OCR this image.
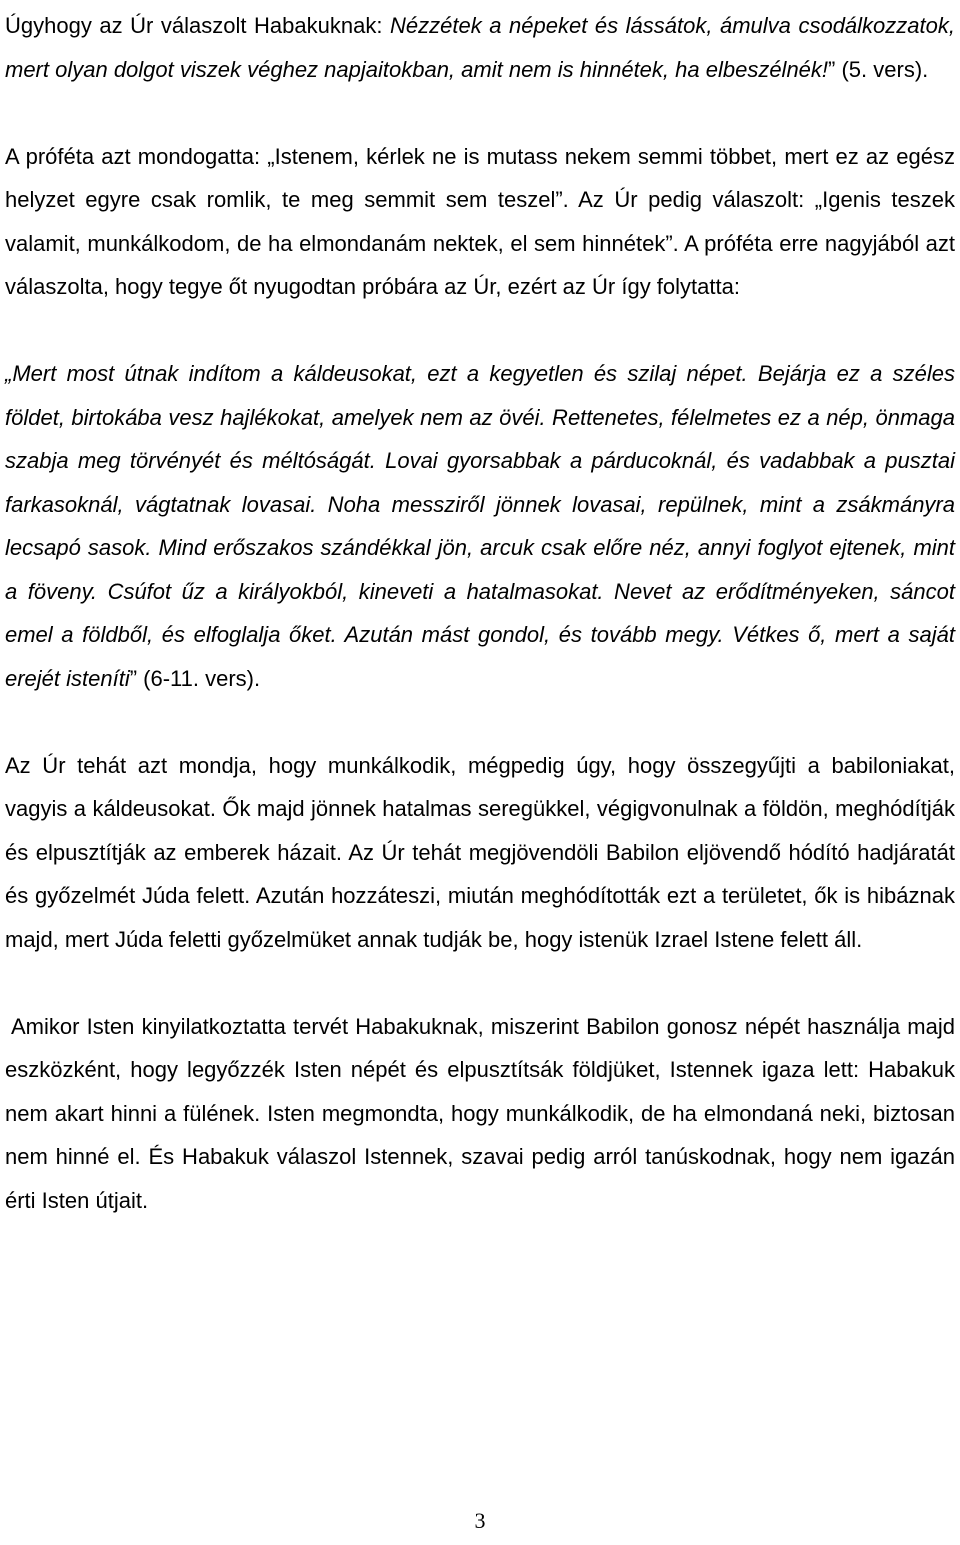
Úgyhogy az Úr válaszolt Habakuknak: Nézzétek a népeket és lássátok, ámulva csodálkozzatok, mert olyan dolgot viszek véghez napjaitokban, amit nem is hinnétek, ha elbeszélnék!” (5. vers).

A próféta azt mondogatta: „Istenem, kérlek ne is mutass nekem semmi többet, mert ez az egész helyzet egyre csak romlik, te meg semmit sem teszel”. Az Úr pedig válaszolt: „Igenis teszek valamit, munkálkodom, de ha elmondanám nektek, el sem hinnétek”. A próféta erre nagyjából azt válaszolta, hogy tegye őt nyugodtan próbára az Úr, ezért az Úr így folytatta:

„Mert most útnak indítom a káldeusokat, ezt a kegyetlen és szilaj népet. Bejárja ez a széles földet, birtokába vesz hajlékokat, amelyek nem az övéi. Rettenetes, félelmetes ez a nép, önmaga szabja meg törvényét és méltóságát. Lovai gyorsabbak a párducoknál, és vadabbak a pusztai farkasoknál, vágtatnak lovasai. Noha messziről jönnek lovasai, repülnek, mint a zsákmányra lecsapó sasok. Mind erőszakos szándékkal jön, arcuk csak előre néz, annyi foglyot ejtenek, mint a föveny. Csúfot űz a királyokból, kineveti a hatalmasokat. Nevet az erődítményeken, sáncot emel a földből, és elfoglalja őket. Azután mást gondol, és tovább megy. Vétkes ő, mert a saját erejét isteníti” (6-11. vers).

Az Úr tehát azt mondja, hogy munkálkodik, mégpedig úgy, hogy összegyűjti a babiloniakat, vagyis a káldeusokat. Ők majd jönnek hatalmas seregükkel, végigvonulnak a földön, meghódítják és elpusztítják az emberek házait. Az Úr tehát megjövendöli Babilon eljövendő hódító hadjáratát és győzelmét Júda felett. Azután hozzáteszi, miután meghódították ezt a területet, ők is hibáznak majd, mert Júda feletti győzelmüket annak tudják be, hogy istenük Izrael Istene felett áll.

Amikor Isten kinyilatkoztatta tervét Habakuknak, miszerint Babilon gonosz népét használja majd eszközként, hogy legyőzzék Isten népét és elpusztítsák földjüket, Istennek igaza lett: Habakuk nem akart hinni a fülének. Isten megmondta, hogy munkálkodik, de ha elmondaná neki, biztosan nem hinné el. És Habakuk válaszol Istennek, szavai pedig arról tanúskodnak, hogy nem igazán érti Isten útjait.

3
